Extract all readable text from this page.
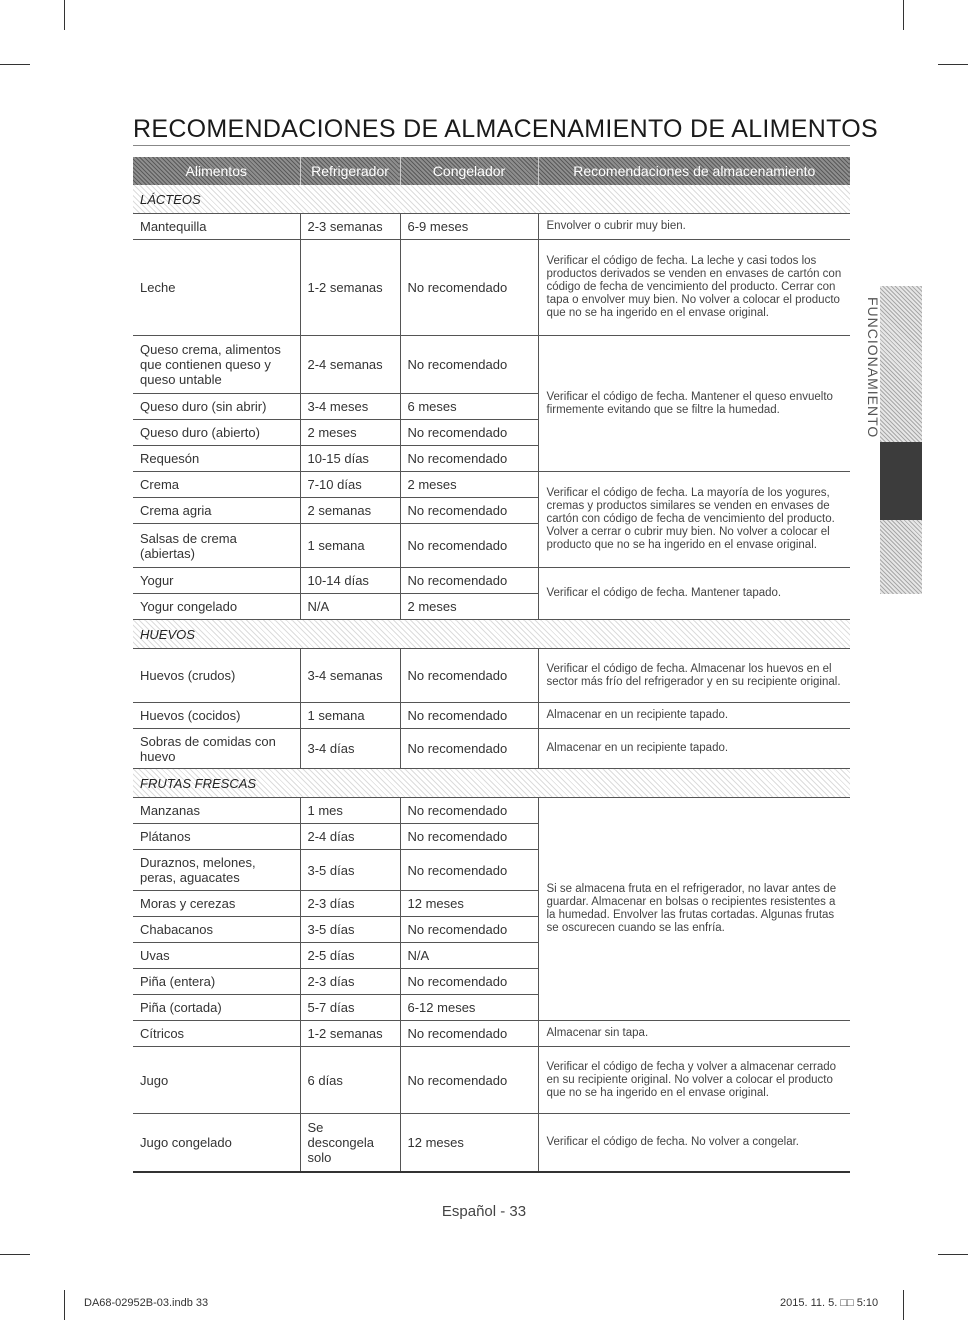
RECOMENDACIONES DE ALMACENAMIENTO DE ALIMENTOS
Alimentos	Refrigerador	Congelador	Recomendaciones de almacenamiento
LÁCTEOS			
Mantequilla	2-3 semanas	6-9 meses	Envolver o cubrir muy bien.
Leche	1-2 semanas	No recomendado	Verificar el código de fecha. La leche y casi todos los productos derivados se venden en envases de cartón con código de fecha de vencimiento del producto. Cerrar con tapa o envolver muy bien. No volver a colocar el producto que no se ha ingerido en el envase original.
Queso crema, alimentos que contienen queso y queso untable	2-4 semanas	No recomendado	Verificar el código de fecha. Mantener el queso envuelto firmemente evitando que se filtre la humedad.
Queso duro (sin abrir)	3-4 meses	6 meses	
Queso duro (abierto)	2 meses	No recomendado	
Requesón	10-15 días	No recomendado	
Crema	7-10 días	2 meses	Verificar el código de fecha. La mayoría de los yogures, cremas y productos similares se venden en envases de cartón con código de fecha de vencimiento del producto. Volver a cerrar o cubrir muy bien. No volver a colocar el producto que no se ha ingerido en el envase original.
Crema agria	2 semanas	No recomendado	
Salsas de crema (abiertas)	1 semana	No recomendado	
Yogur	10-14 días	No recomendado	Verificar el código de fecha. Mantener tapado.
Yogur congelado	N/A	2 meses	
HUEVOS			
Huevos (crudos)	3-4 semanas	No recomendado	Verificar el código de fecha. Almacenar los huevos en el sector más frío del refrigerador y en su recipiente original.
Huevos (cocidos)	1 semana	No recomendado	Almacenar en un recipiente tapado.
Sobras de comidas con huevo	3-4 días	No recomendado	Almacenar en un recipiente tapado.
FRUTAS FRESCAS			
Manzanas	1 mes	No recomendado	Si se almacena fruta en el refrigerador, no lavar antes de guardar. Almacenar en bolsas o recipientes resistentes a la humedad. Envolver las frutas cortadas. Algunas frutas se oscurecen cuando se las enfría.
Plátanos	2-4 días	No recomendado	
Duraznos, melones, peras, aguacates	3-5 días	No recomendado	
Moras y cerezas	2-3 días	12 meses	
Chabacanos	3-5 días	No recomendado	
Uvas	2-5 días	N/A	
Piña (entera)	2-3 días	No recomendado	
Piña (cortada)	5-7 días	6-12 meses	
Cítricos	1-2 semanas	No recomendado	Almacenar sin tapa.
Jugo	6 días	No recomendado	Verificar el código de fecha y volver a almacenar cerrado en su recipiente original. No volver a colocar el producto que no se ha ingerido en el envase original.
Jugo congelado	Se descongela solo	12 meses	Verificar el código de fecha. No volver a congelar.
FUNCIONAMIENTO
Español - 33
DA68-02952B-03.indb 33	2015. 11. 5. □□ 5:10
